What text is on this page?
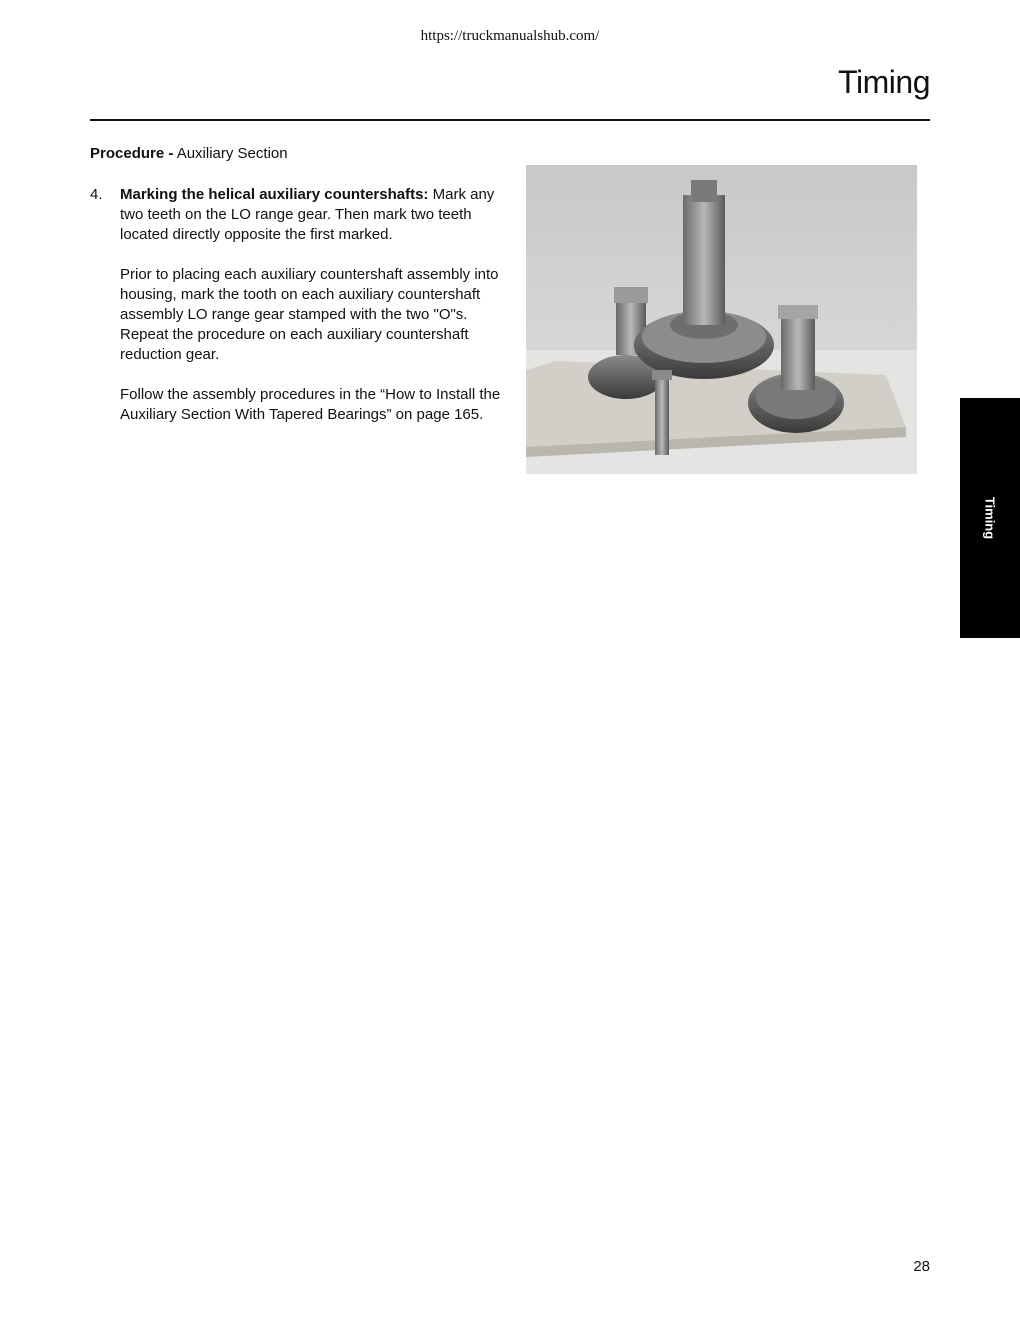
https://truckmanualshub.com/
Timing
Procedure - Auxiliary Section
4.	Marking the helical auxiliary countershafts: Mark any two teeth on the LO range gear. Then mark two teeth located directly opposite the first marked.

Prior to placing each auxiliary countershaft assembly into housing, mark the tooth on each auxiliary countershaft assembly LO range gear stamped with the two "O"s. Repeat the procedure on each auxiliary countershaft reduction gear.

Follow the assembly procedures in the “How to Install the Auxiliary Section With Tapered Bearings” on page 165.

Timing
28
